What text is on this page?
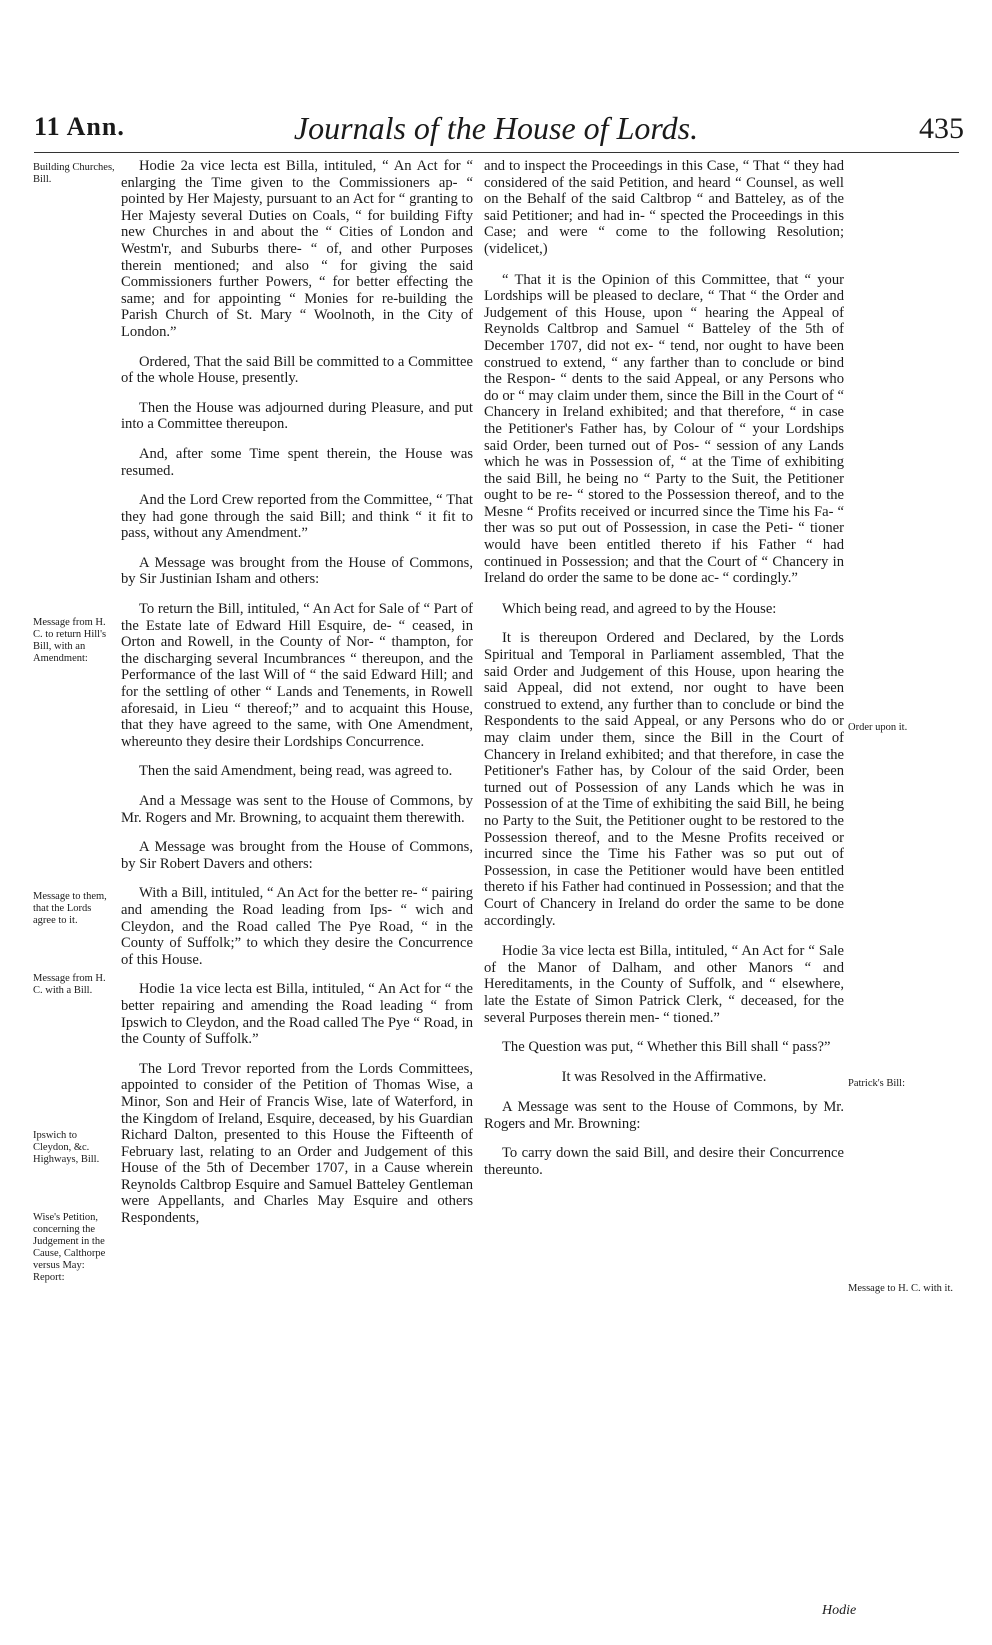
11 Ann.	Journals of the House of Lords.	435
Building Churches, Bill.
Message from H. C. to return Hill's Bill, with an Amendment:
Message to them, that the Lords agree to it.
Message from H. C. with a Bill.
Ipswich to Cleydon, &c. Highways, Bill.
Wise's Petition, concerning the Judgement in the Cause, Calthorpe versus May: Report:
Order upon it.
Patrick's Bill:
Message to H. C. with it.

Hodie 2a vice lecta est Billa, intituled, “ An Act for “ enlarging the Time given to the Commissioners ap- “ pointed by Her Majesty, pursuant to an Act for “ granting to Her Majesty several Duties on Coals, “ for building Fifty new Churches in and about the “ Cities of London and Westm'r, and Suburbs there- “ of, and other Purposes therein mentioned; and also “ for giving the said Commissioners further Powers, “ for better effecting the same; and for appointing “ Monies for re-building the Parish Church of St. Mary “ Woolnoth, in the City of London.”

Ordered, That the said Bill be committed to a Committee of the whole House, presently.

Then the House was adjourned during Pleasure, and put into a Committee thereupon.

And, after some Time spent therein, the House was resumed.

And the Lord Crew reported from the Committee, “ That they had gone through the said Bill; and think “ it fit to pass, without any Amendment.”

A Message was brought from the House of Commons, by Sir Justinian Isham and others:

To return the Bill, intituled, “ An Act for Sale of “ Part of the Estate late of Edward Hill Esquire, de- “ ceased, in Orton and Rowell, in the County of Nor- “ thampton, for the discharging several Incumbrances “ thereupon, and the Performance of the last Will of “ the said Edward Hill; and for the settling of other “ Lands and Tenements, in Rowell aforesaid, in Lieu “ thereof;” and to acquaint this House, that they have agreed to the same, with One Amendment, whereunto they desire their Lordships Concurrence.

Then the said Amendment, being read, was agreed to.

And a Message was sent to the House of Commons, by Mr. Rogers and Mr. Browning, to acquaint them therewith.

A Message was brought from the House of Commons, by Sir Robert Davers and others:

With a Bill, intituled, “ An Act for the better re- “ pairing and amending the Road leading from Ips- “ wich and Cleydon, and the Road called The Pye Road, “ in the County of Suffolk;” to which they desire the Concurrence of this House.

Hodie 1a vice lecta est Billa, intituled, “ An Act for “ the better repairing and amending the Road leading “ from Ipswich to Cleydon, and the Road called The Pye “ Road, in the County of Suffolk.”

The Lord Trevor reported from the Lords Committees, appointed to consider of the Petition of Thomas Wise, a Minor, Son and Heir of Francis Wise, late of Waterford, in the Kingdom of Ireland, Esquire, deceased, by his Guardian Richard Dalton, presented to this House the Fifteenth of February last, relating to an Order and Judgement of this House of the 5th of December 1707, in a Cause wherein Reynolds Caltbrop Esquire and Samuel Batteley Gentleman were Appellants, and Charles May Esquire and others Respondents,

and to inspect the Proceedings in this Case, “ That “ they had considered of the said Petition, and heard “ Counsel, as well on the Behalf of the said Caltbrop “ and Batteley, as of the said Petitioner; and had in- “ spected the Proceedings in this Case; and were “ come to the following Resolution; (videlicet,)

“ That it is the Opinion of this Committee, that “ your Lordships will be pleased to declare, “ That “ the Order and Judgement of this House, upon “ hearing the Appeal of Reynolds Caltbrop and Samuel “ Batteley of the 5th of December 1707, did not ex- “ tend, nor ought to have been construed to extend, “ any farther than to conclude or bind the Respon- “ dents to the said Appeal, or any Persons who do or “ may claim under them, since the Bill in the Court of “ Chancery in Ireland exhibited; and that therefore, “ in case the Petitioner's Father has, by Colour of “ your Lordships said Order, been turned out of Pos- “ session of any Lands which he was in Possession of, “ at the Time of exhibiting the said Bill, he being no “ Party to the Suit, the Petitioner ought to be re- “ stored to the Possession thereof, and to the Mesne “ Profits received or incurred since the Time his Fa- “ ther was so put out of Possession, in case the Peti- “ tioner would have been entitled thereto if his Father “ had continued in Possession; and that the Court of “ Chancery in Ireland do order the same to be done ac- “ cordingly.”

Which being read, and agreed to by the House:

It is thereupon Ordered and Declared, by the Lords Spiritual and Temporal in Parliament assembled, That the said Order and Judgement of this House, upon hearing the said Appeal, did not extend, nor ought to have been construed to extend, any further than to conclude or bind the Respondents to the said Appeal, or any Persons who do or may claim under them, since the Bill in the Court of Chancery in Ireland exhibited; and that therefore, in case the Petitioner's Father has, by Colour of the said Order, been turned out of Possession of any Lands which he was in Possession of at the Time of exhibiting the said Bill, he being no Party to the Suit, the Petitioner ought to be restored to the Possession thereof, and to the Mesne Profits received or incurred since the Time his Father was so put out of Possession, in case the Petitioner would have been entitled thereto if his Father had continued in Possession; and that the Court of Chancery in Ireland do order the same to be done accordingly.

Hodie 3a vice lecta est Billa, intituled, “ An Act for “ Sale of the Manor of Dalham, and other Manors “ and Hereditaments, in the County of Suffolk, and “ elsewhere, late the Estate of Simon Patrick Clerk, “ deceased, for the several Purposes therein men- “ tioned.”

The Question was put, “ Whether this Bill shall “ pass?”

It was Resolved in the Affirmative.

A Message was sent to the House of Commons, by Mr. Rogers and Mr. Browning:

To carry down the said Bill, and desire their Concurrence thereunto.

Hodie
